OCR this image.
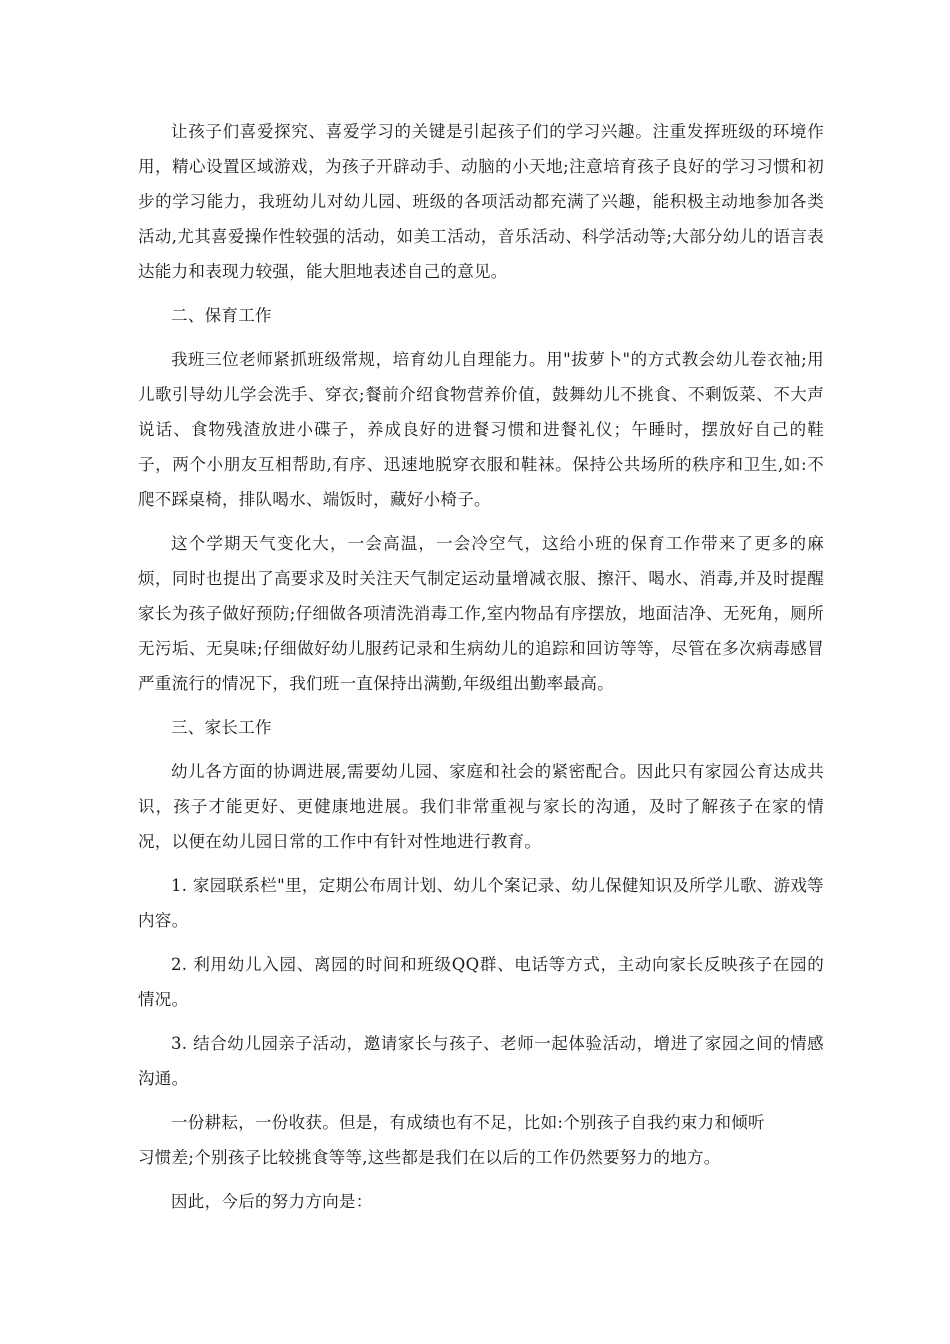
让孩子们喜爱探究、喜爱学习的关键是引起孩子们的学习兴趣。注重发挥班级的环境作用，精心设置区域游戏，为孩子开辟动手、动脑的小天地;注意培育孩子良好的学习习惯和初步的学习能力，我班幼儿对幼儿园、班级的各项活动都充满了兴趣，能积极主动地参加各类活动,尤其喜爱操作性较强的活动，如美工活动，音乐活动、科学活动等;大部分幼儿的语言表达能力和表现力较强，能大胆地表述自己的意见。

二、保育工作

我班三位老师紧抓班级常规，培育幼儿自理能力。用"拔萝卜"的方式教会幼儿卷衣袖;用儿歌引导幼儿学会洗手、穿衣;餐前介绍食物营养价值，鼓舞幼儿不挑食、不剩饭菜、不大声说话、食物残渣放进小碟子，养成良好的进餐习惯和进餐礼仪；午睡时，摆放好自己的鞋子，两个小朋友互相帮助,有序、迅速地脱穿衣服和鞋袜。保持公共场所的秩序和卫生,如:不爬不踩桌椅，排队喝水、端饭时，藏好小椅子。

这个学期天气变化大，一会高温，一会冷空气，这给小班的保育工作带来了更多的麻烦，同时也提出了高要求及时关注天气制定运动量增减衣服、擦汗、喝水、消毒,并及时提醒家长为孩子做好预防;仔细做各项清洗消毒工作,室内物品有序摆放，地面洁净、无死角，厕所无污垢、无臭味;仔细做好幼儿服药记录和生病幼儿的追踪和回访等等，尽管在多次病毒感冒严重流行的情况下，我们班一直保持出满勤,年级组出勤率最高。

三、家长工作

幼儿各方面的协调进展,需要幼儿园、家庭和社会的紧密配合。因此只有家园公育达成共识，孩子才能更好、更健康地进展。我们非常重视与家长的沟通，及时了解孩子在家的情况，以便在幼儿园日常的工作中有针对性地进行教育。

1. 家园联系栏"里，定期公布周计划、幼儿个案记录、幼儿保健知识及所学儿歌、游戏等内容。

2. 利用幼儿入园、离园的时间和班级QQ群、电话等方式，主动向家长反映孩子在园的情况。

3. 结合幼儿园亲子活动，邀请家长与孩子、老师一起体验活动，增进了家园之间的情感沟通。

一份耕耘，一份收获。但是，有成绩也有不足，比如:个别孩子自我约束力和倾听

习惯差;个别孩子比较挑食等等,这些都是我们在以后的工作仍然要努力的地方。

因此，今后的努力方向是：
